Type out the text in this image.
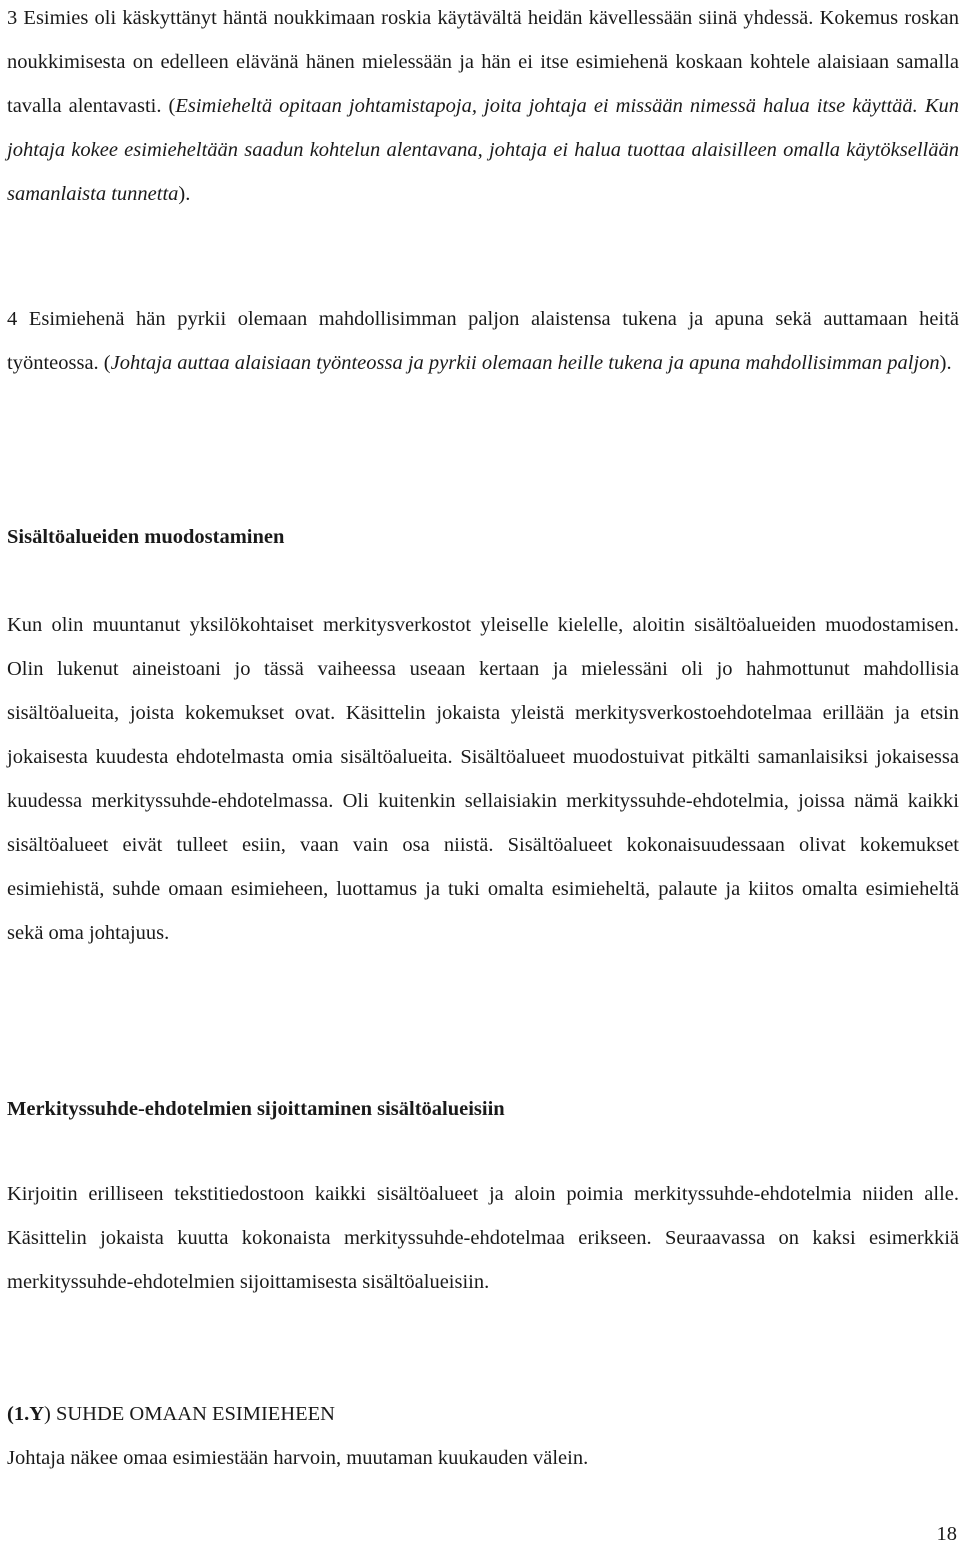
3 Esimies oli käskyttänyt häntä noukkimaan roskia käytävältä heidän kävellessään siinä yhdessä. Kokemus roskan noukkimisesta on edelleen elävänä hänen mielessään ja hän ei itse esimiehenä koskaan kohtele alaisiaan samalla tavalla alentavasti. (Esimieheltä opitaan johtamistapoja, joita johtaja ei missään nimessä halua itse käyttää. Kun johtaja kokee esimieheltään saadun kohtelun alentavana, johtaja ei halua tuottaa alaisilleen omalla käytöksellään samanlaista tunnetta).

4 Esimiehenä hän pyrkii olemaan mahdollisimman paljon alaistensa tukena ja apuna sekä auttamaan heitä työnteossa. (Johtaja auttaa alaisiaan työnteossa ja pyrkii olemaan heille tukena ja apuna mahdollisimman paljon).

Sisältöalueiden muodostaminen

Kun olin muuntanut yksilökohtaiset merkitysverkostot yleiselle kielelle, aloitin sisältöalueiden muodostamisen. Olin lukenut aineistoani jo tässä vaiheessa useaan kertaan ja mielessäni oli jo hahmottunut mahdollisia sisältöalueita, joista kokemukset ovat. Käsittelin jokaista yleistä merkitysverkostoehdotelmaa erillään ja etsin jokaisesta kuudesta ehdotelmasta omia sisältöalueita. Sisältöalueet muodostuivat pitkälti samanlaisiksi jokaisessa kuudessa merkityssuhde-ehdotelmassa. Oli kuitenkin sellaisiakin merkityssuhde-ehdotelmia, joissa nämä kaikki sisältöalueet eivät tulleet esiin, vaan vain osa niistä. Sisältöalueet kokonaisuudessaan olivat kokemukset esimiehistä, suhde omaan esimieheen, luottamus ja tuki omalta esimieheltä, palaute ja kiitos omalta esimieheltä sekä oma johtajuus.

Merkityssuhde-ehdotelmien sijoittaminen sisältöalueisiin

Kirjoitin erilliseen tekstitiedostoon kaikki sisältöalueet ja aloin poimia merkityssuhde-ehdotelmia niiden alle. Käsittelin jokaista kuutta kokonaista merkityssuhde-ehdotelmaa erikseen. Seuraavassa on kaksi esimerkkiä merkityssuhde-ehdotelmien sijoittamisesta sisältöalueisiin.

(1.Y) SUHDE OMAAN ESIMIEHEEN
Johtaja näkee omaa esimiestään harvoin, muutaman kuukauden välein.
18
